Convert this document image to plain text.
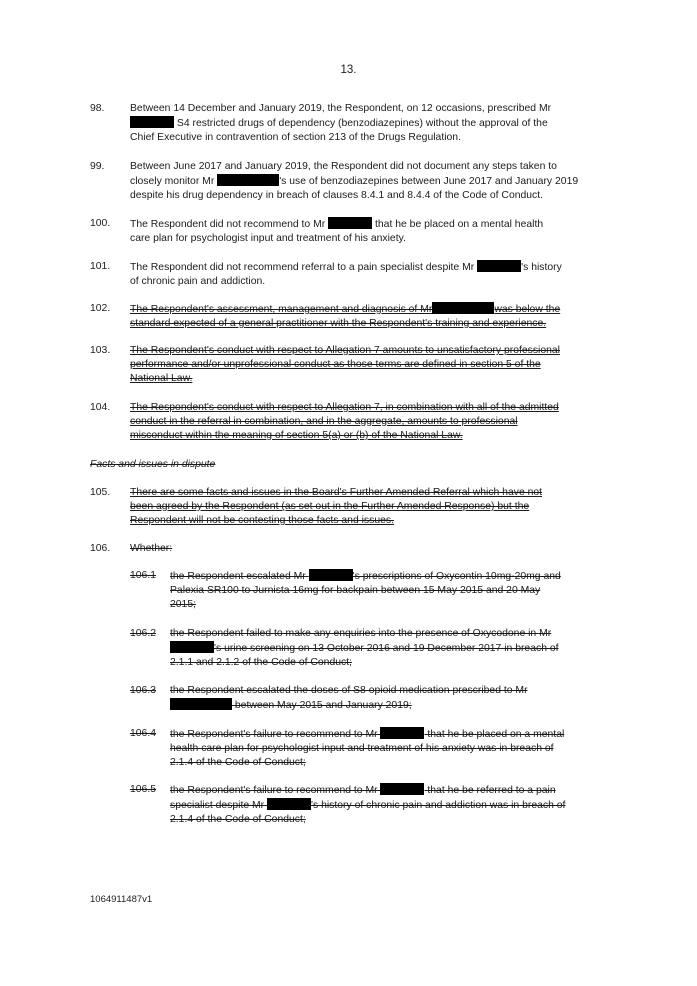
13.
98. Between 14 December and January 2019, the Respondent, on 12 occasions, prescribed Mr
S4 restricted drugs of dependency (benzodiazepines) without the approval of the
Chief Executive in contravention of section 213 of the Drugs Regulation.
99. Between June 2017 and January 2019, the Respondent did not document any steps taken to
closely monitor Mr	's use of benzodiazepines between June 2017 and January 2019
despite his drug dependency in breach of clauses 8.4.1 and 8.4.4 of the Code of Conduct.
100. The Respondent did not recommend to Mr	that he be placed on a mental health
care plan for psychologist input and treatment of his anxiety.
101. The Respondent did not recommend referral to a pain specialist despite Mr	's history
of chronic pain and addiction.
102. The Respondent's assessment, management and diagnosis of Mr	was below the
standard expected of a general practitioner with the Respondent's training and experience.
103. The Respondent's conduct with respect to Allegation 7 amounts to unsatisfactory professional
performance and/or unprofessional conduct as those terms are defined in section 5 of the
National Law.
104. The Respondent's conduct with respect to Allegation 7, in combination with all of the admitted
conduct in the referral in combination, and in the aggregate, amounts to professional
misconduct within the meaning of section 5(a) or (b) of the National Law.
Facts and issues in dispute
105. There are some facts and issues in the Board's Further Amended Referral which have not
been agreed by the Respondent (as set out in the Further Amended Response) but the
Respondent will not be contesting those facts and issues.
106. Whether:
106.1 the Respondent escalated Mr	's prescriptions of Oxycontin 10mg-20mg and
Palexia SR100 to Jurnista 16mg for backpain between 15 May 2015 and 20 May
2015;
106.2 the Respondent failed to make any enquiries into the presence of Oxycodone in Mr
's urine screening on 13 October 2016 and 19 December 2017 in breach of
2.1.1 and 2.1.2 of the Code of Conduct;
106.3 the Respondent escalated the doses of S8 opioid medication prescribed to Mr
between May 2015 and January 2019;
106.4 the Respondent's failure to recommend to Mr	that he be placed on a mental
health care plan for psychologist input and treatment of his anxiety was in breach of
2.1.4 of the Code of Conduct;
106.5 the Respondent's failure to recommend to Mr	that he be referred to a pain
specialist despite Mr	's history of chronic pain and addiction was in breach of
2.1.4 of the Code of Conduct;
1064911487v1
